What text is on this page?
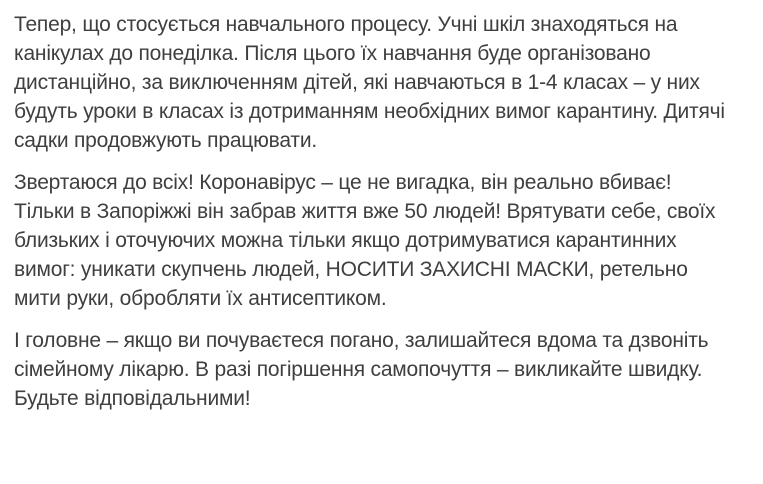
Тепер, що стосується навчального процесу. Учні шкіл знаходяться на канікулах до понеділка. Після цього їх навчання буде організовано дистанційно, за виключенням дітей, які навчаються в 1-4 класах – у них будуть уроки в класах із дотриманням необхідних вимог карантину. Дитячі садки продовжують працювати.

Звертаюся до всіх! Коронавірус – це не вигадка, він реально вбиває! Тільки в Запоріжжі він забрав життя вже 50 людей! Врятувати себе, своїх близьких і оточуючих можна тільки якщо дотримуватися карантинних вимог: уникати скупчень людей, НОСИТИ ЗАХИСНІ МАСКИ, ретельно мити руки, обробляти їх антисептиком.

І головне – якщо ви почуваєтеся погано, залишайтеся вдома та дзвоніть сімейному лікарю. В разі погіршення самопочуття – викликайте швидку. Будьте відповідальними!
